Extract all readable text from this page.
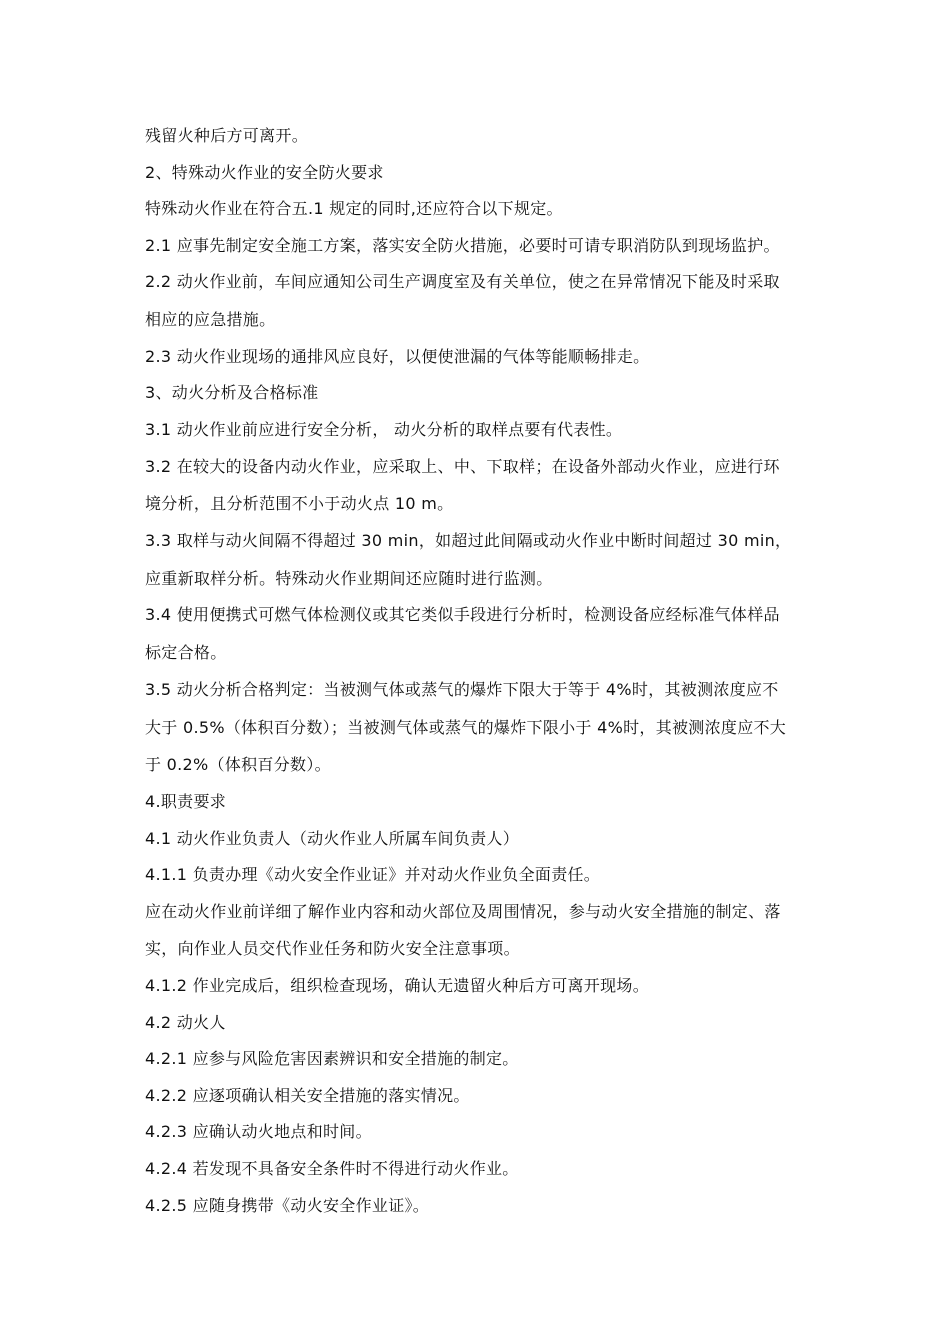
残留火种后方可离开。
2、特殊动火作业的安全防火要求
特殊动火作业在符合五.1 规定的同时,还应符合以下规定。
2.1 应事先制定安全施工方案，落实安全防火措施，必要时可请专职消防队到现场监护。
2.2 动火作业前，车间应通知公司生产调度室及有关单位，使之在异常情况下能及时采取
相应的应急措施。
2.3 动火作业现场的通排风应良好，以便使泄漏的气体等能顺畅排走。
3、动火分析及合格标准
3.1 动火作业前应进行安全分析， 动火分析的取样点要有代表性。
3.2 在较大的设备内动火作业，应采取上、中、下取样；在设备外部动火作业，应进行环
境分析，且分析范围不小于动火点 10 m。
3.3 取样与动火间隔不得超过 30 min，如超过此间隔或动火作业中断时间超过 30 min，
应重新取样分析。特殊动火作业期间还应随时进行监测。
3.4 使用便携式可燃气体检测仪或其它类似手段进行分析时，检测设备应经标准气体样品
标定合格。
3.5 动火分析合格判定：当被测气体或蒸气的爆炸下限大于等于 4%时，其被测浓度应不
大于 0.5%（体积百分数）；当被测气体或蒸气的爆炸下限小于 4%时，其被测浓度应不大
于 0.2%（体积百分数）。
4.职责要求
4.1 动火作业负责人（动火作业人所属车间负责人）
4.1.1 负责办理《动火安全作业证》并对动火作业负全面责任。
应在动火作业前详细了解作业内容和动火部位及周围情况，参与动火安全措施的制定、落
实，向作业人员交代作业任务和防火安全注意事项。
4.1.2 作业完成后，组织检查现场，确认无遗留火种后方可离开现场。
4.2 动火人
4.2.1 应参与风险危害因素辨识和安全措施的制定。
4.2.2 应逐项确认相关安全措施的落实情况。
4.2.3 应确认动火地点和时间。
4.2.4 若发现不具备安全条件时不得进行动火作业。
4.2.5 应随身携带《动火安全作业证》。
